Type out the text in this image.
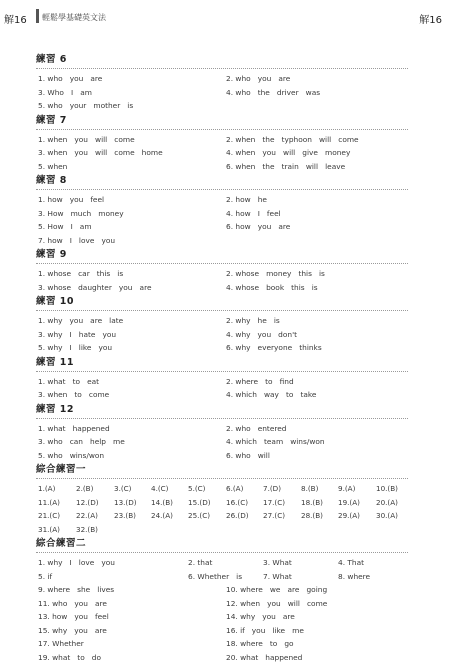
解16 輕鬆學基礎英文法	解16
練習 6
1. who   you   are	2. who   you   are
3. Who   I   am	4. who   the   driver   was
5. who   your   mother   is
練習 7
1. when   you   will   come	2. when   the   typhoon   will   come
3. when   you   will   come   home	4. when   you   will   give   money
5. when	6. when   the   train   will   leave
練習 8
1. how   you   feel	2. how   he
3. How   much   money	4. how   I   feel
5. How   I   am	6. how   you   are
7. how   I   love   you
練習 9
1. whose   car   this   is	2. whose   money   this   is
3. whose   daughter   you   are	4. whose   book   this   is
練習 10
1. why   you   are   late	2. why   he   is
3. why   I   hate   you	4. why   you   don't
5. why   I   like   you	6. why   everyone   thinks
練習 11
1. what   to   eat	2. where   to   find
3. when   to   come	4. which   way   to   take
練習 12
1. what   happened	2. who   entered
3. who   can   help   me	4. which   team   wins/won
5. who   wins/won	6. who   will
綜合練習一
1.(A)	2.(B)	3.(C)	4.(C)	5.(C)	6.(A)	7.(D)	8.(B)	9.(A)	10.(B)
11.(A) 12.(D) 13.(D) 14.(B) 15.(D) 16.(C) 17.(C) 18.(B) 19.(A) 20.(A)
21.(C) 22.(A) 23.(B) 24.(A) 25.(C) 26.(D) 27.(C) 28.(B) 29.(A) 30.(A)
31.(A) 32.(B)
綜合練習二
1. why   I   love   you	2. that	3. What	4. That
5. if	6. Whether   is	7. What	8. where
9. where   she   lives	10. where   we   are   going
11. who   you   are	12. when   you   will   come
13. how   you   feel	14. why   you   are
15. why   you   are	16. if   you   like   me
17. Whether	18. where   to   go
19. what   to   do	20. what   happened
